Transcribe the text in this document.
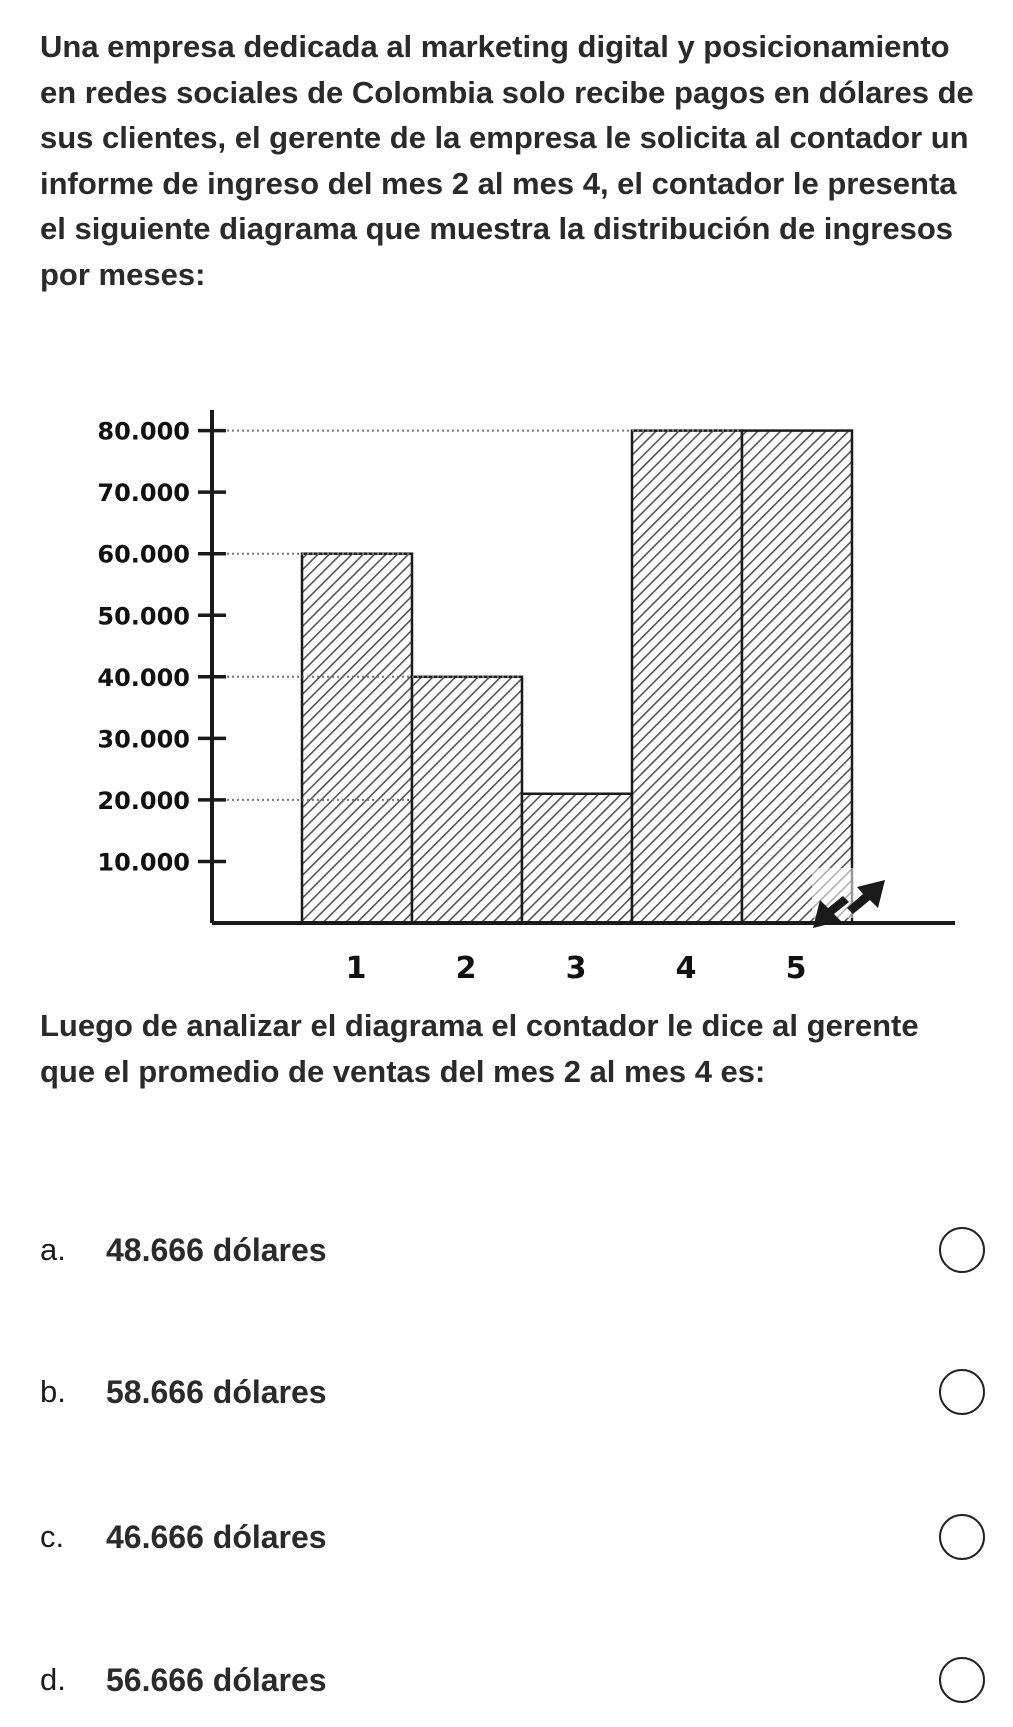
Una empresa dedicada al marketing digital y posicionamiento en redes sociales de Colombia solo recibe pagos en dólares de sus clientes, el gerente de la empresa le solicita al contador un informe de ingreso del mes 2 al mes 4, el contador le presenta el siguiente diagrama que muestra la distribución de ingresos por meses:

10.000
20.000
30.000
40.000
50.000
60.000
70.000
80.000
1	2	3	4	5

Luego de analizar el diagrama el contador le dice al gerente que el promedio de ventas del mes 2 al mes 4 es:

a.	48.666 dólares
b.	58.666 dólares
c.	46.666 dólares
d.	56.666 dólares
